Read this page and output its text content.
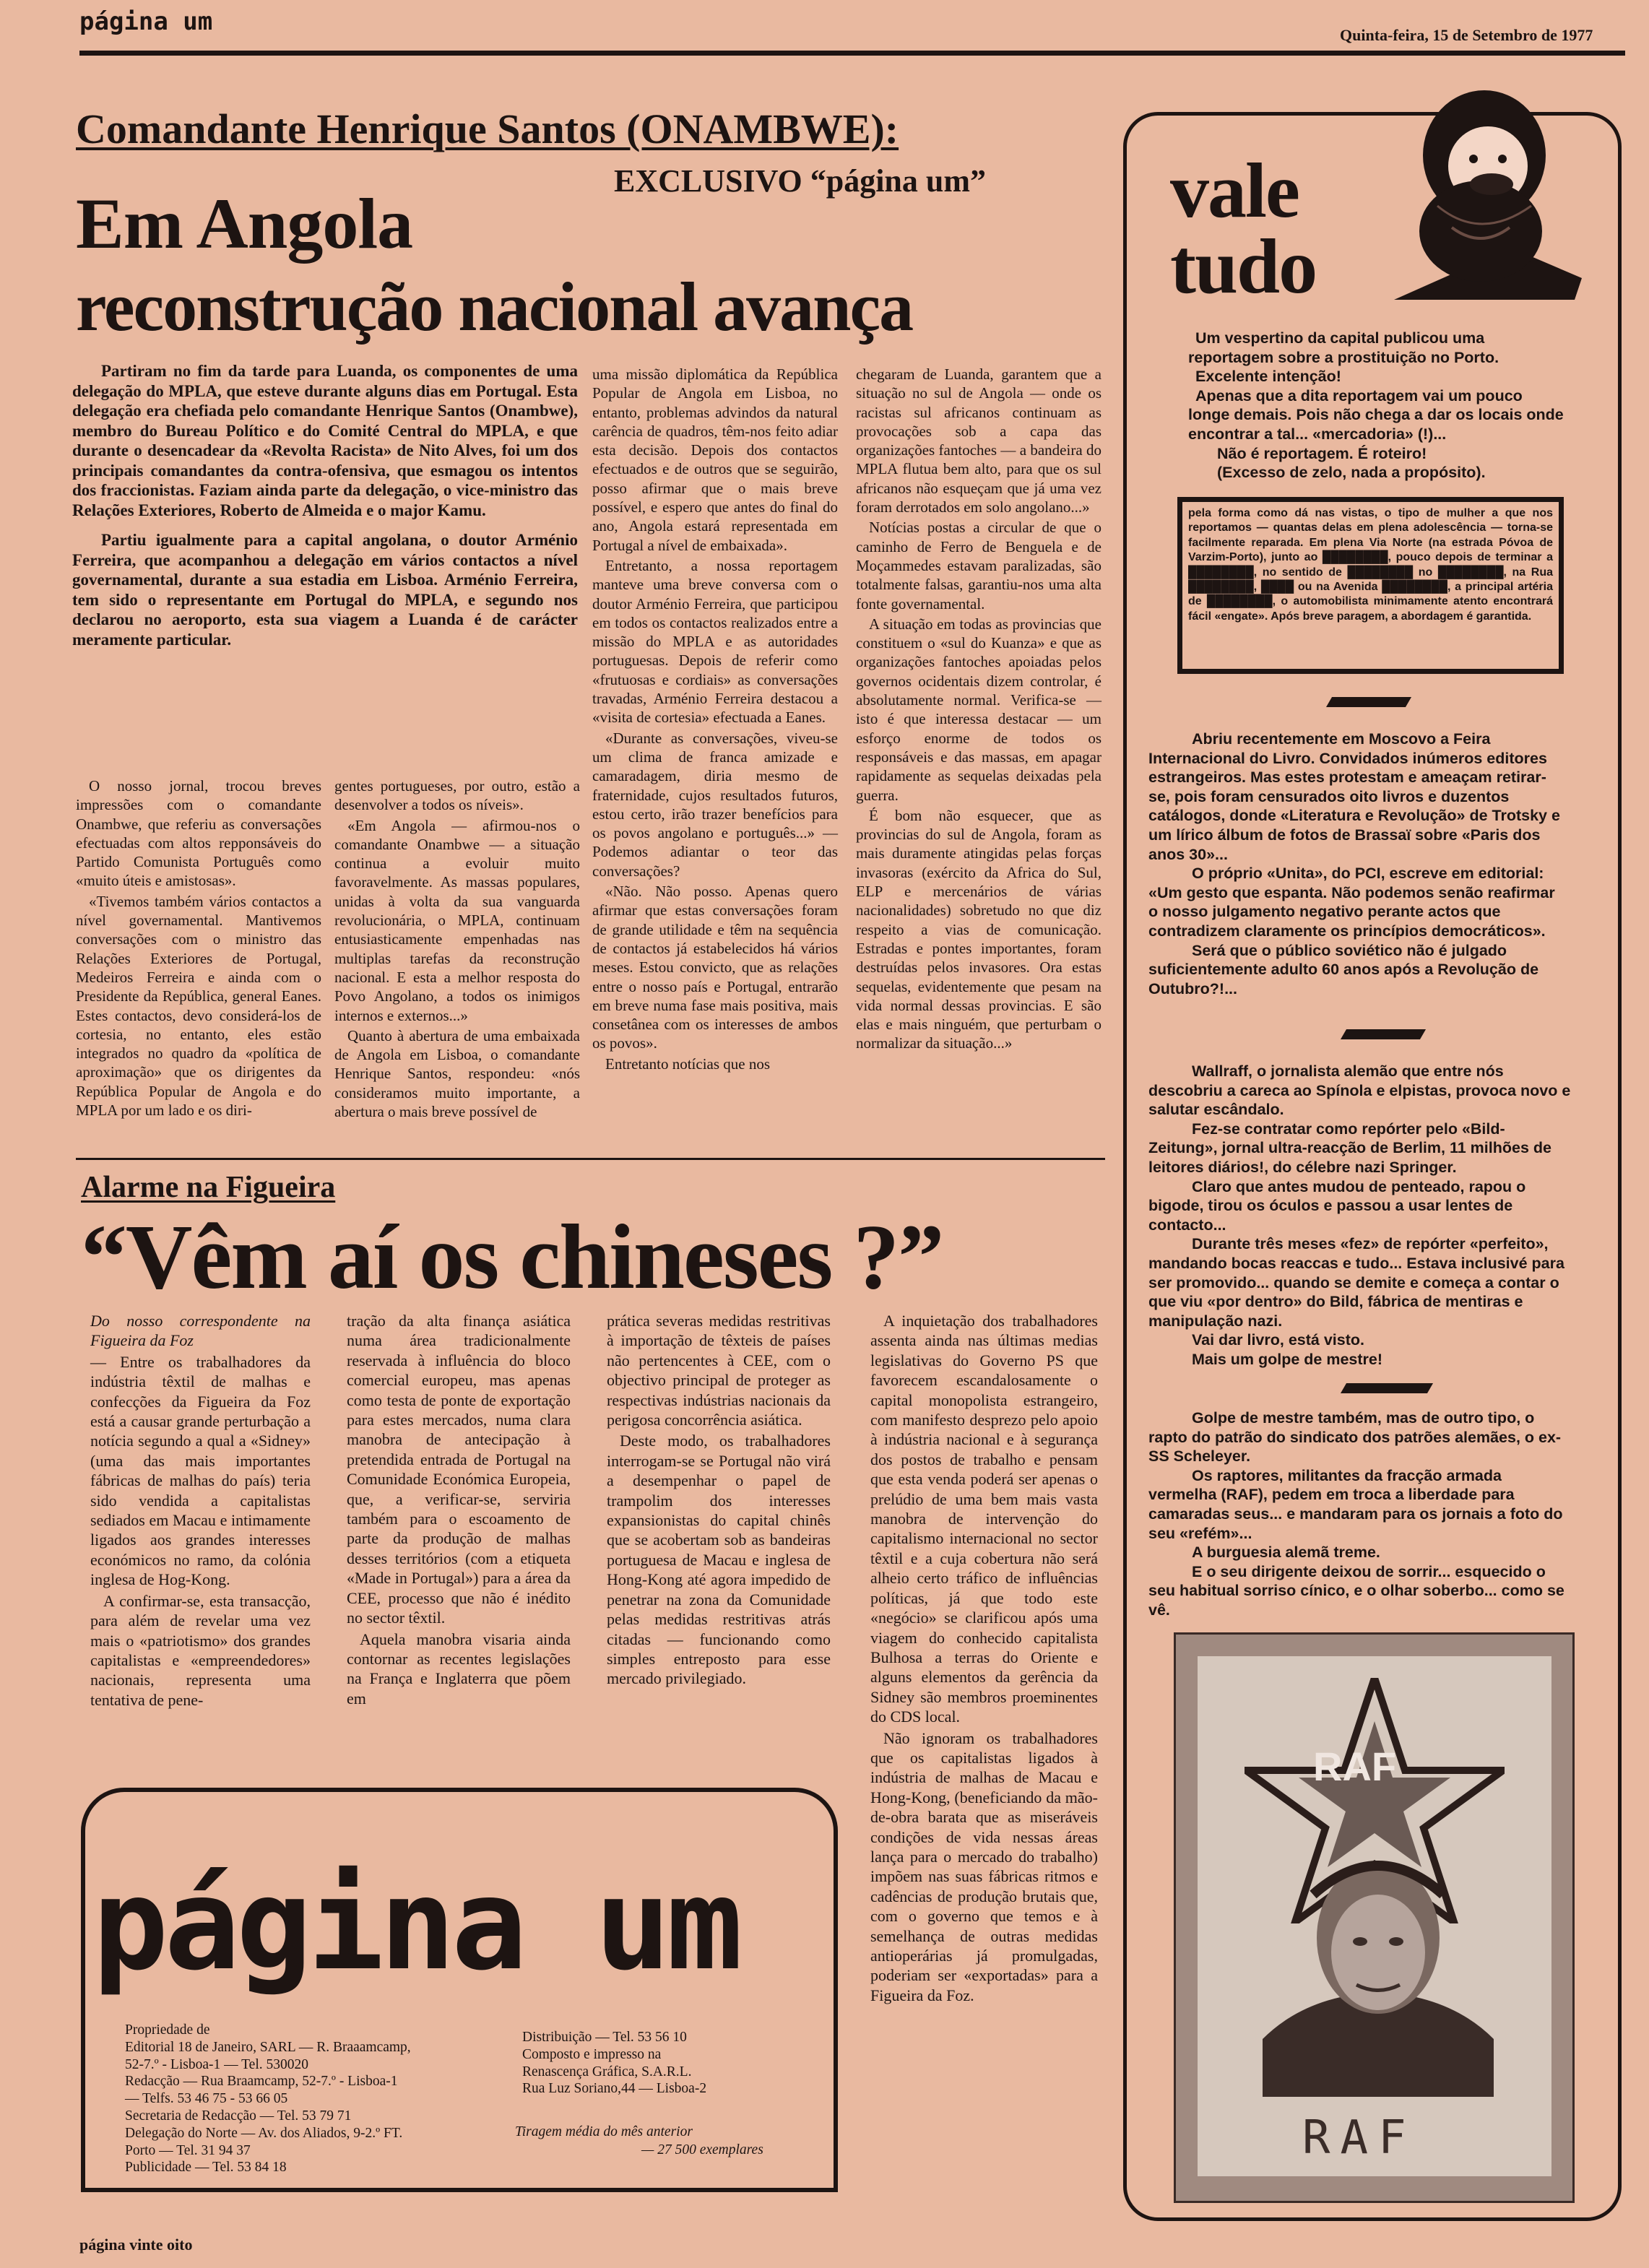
página um	Quinta-feira, 15 de Setembro de 1977
Comandante Henrique Santos (ONAMBWE):
EXCLUSIVO “página um”
Em Angola
reconstrução nacional avança

Partiram no fim da tarde para Luanda, os componentes de uma delegação do MPLA, que esteve durante alguns dias em Portugal. Esta delegação era chefiada pelo comandante Henrique Santos (Onambwe), membro do Bureau Político e do Comité Central do MPLA, e que durante o desencadear da «Revolta Racista» de Nito Alves, foi um dos principais comandantes da contra-ofensiva, que esmagou os intentos dos fraccionistas. Faziam ainda parte da delegação, o vice-ministro das Relações Exteriores, Roberto de Almeida e o major Kamu.

Partiu igualmente para a capital angolana, o doutor Arménio Ferreira, que acompanhou a delegação em vários contactos a nível governamental, durante a sua estadia em Lisboa. Arménio Ferreira, tem sido o representante em Portugal do MPLA, e segundo nos declarou no aeroporto, esta sua viagem a Luanda é de carácter meramente particular.

O nosso jornal, trocou breves impressões com o comandante Onambwe, que referiu as conversações efectuadas com altos repponsáveis do Partido Comunista Português como «muito úteis e amistosas».

«Tivemos também vários contactos a nível governamental. Mantivemos conversações com o ministro das Relações Exteriores de Portugal, Medeiros Ferreira e ainda com o Presidente da República, general Eanes. Estes contactos, devo considerá-los de cortesia, no entanto, eles estão integrados no quadro da «política de aproximação» que os dirigentes da República Popular de Angola e do MPLA por um lado e os diri-

gentes portugueses, por outro, estão a desenvolver a todos os níveis».

«Em Angola — afirmou-nos o comandante Onambwe — a situação continua a evoluir muito favoravelmente. As massas populares, unidas à volta da sua vanguarda revolucionária, o MPLA, continuam entusiasticamente empenhadas nas multiplas tarefas da reconstrução nacional. E esta a melhor resposta do Povo Angolano, a todos os inimigos internos e externos...»

Quanto à abertura de uma embaixada de Angola em Lisboa, o comandante Henrique Santos, respondeu: «nós consideramos muito importante, a abertura o mais breve possível de

uma missão diplomática da República Popular de Angola em Lisboa, no entanto, problemas advindos da natural carência de quadros, têm-nos feito adiar esta decisão. Depois dos contactos efectuados e de outros que se seguirão, posso afirmar que o mais breve possível, e espero que antes do final do ano, Angola estará representada em Portugal a nível de embaixada».

Entretanto, a nossa reportagem manteve uma breve conversa com o doutor Arménio Ferreira, que participou em todos os contactos realizados entre a missão do MPLA e as autoridades portuguesas. Depois de referir como «frutuosas e cordiais» as conversações travadas, Arménio Ferreira destacou a «visita de cortesia» efectuada a Eanes.

«Durante as conversações, viveu-se um clima de franca amizade e camaradagem, diria mesmo de fraternidade, cujos resultados futuros, estou certo, irão trazer benefícios para os povos angolano e português...» — Podemos adiantar o teor das conversações?

«Não. Não posso. Apenas quero afirmar que estas conversações foram de grande utilidade e têm na sequência de contactos já estabelecidos há vários meses. Estou convicto, que as relações entre o nosso país e Portugal, entrarão em breve numa fase mais positiva, mais consetânea com os interesses de ambos os povos».

Entretanto notícias que nos

chegaram de Luanda, garantem que a situação no sul de Angola — onde os racistas sul africanos continuam as provocações sob a capa das organizações fantoches — a bandeira do MPLA flutua bem alto, para que os sul africanos não esqueçam que já uma vez foram derrotados em solo angolano...»

Notícias postas a circular de que o caminho de Ferro de Benguela e de Moçammedes estavam paralizadas, são totalmente falsas, garantiu-nos uma alta fonte governamental.

A situação em todas as provincias que constituem o «sul do Kuanza» e que as organizações fantoches apoiadas pelos governos ocidentais dizem controlar, é absolutamente normal. Verifica-se — isto é que interessa destacar — um esforço enorme de todos os responsáveis e das massas, em apagar rapidamente as sequelas deixadas pela guerra.

É bom não esquecer, que as provincias do sul de Angola, foram as mais duramente atingidas pelas forças invasoras (exército da Africa do Sul, ELP e mercenários de várias nacionalidades) sobretudo no que diz respeito a vias de comunicação. Estradas e pontes importantes, foram destruídas pelos invasores. Ora estas sequelas, evidentemente que pesam na vida normal dessas provincias. E são elas e mais ninguém, que perturbam o normalizar da situação...»

Alarme na Figueira
“Vêm aí os chineses ?”

Do nosso correspondente na Figueira da Foz

— Entre os trabalhadores da indústria têxtil de malhas e confecções da Figueira da Foz está a causar grande perturbação a notícia segundo a qual a «Sidney» (uma das mais importantes fábricas de malhas do país) teria sido vendida a capitalistas sediados em Macau e intimamente ligados aos grandes interesses económicos no ramo, da colónia inglesa de Hog-Kong.

A confirmar-se, esta transacção, para além de revelar uma vez mais o «patriotismo» dos grandes capitalistas e «empreendedores» nacionais, representa uma tentativa de pene-

tração da alta finança asiática numa área tradicionalmente reservada à influência do bloco comercial europeu, mas apenas como testa de ponte de exportação para estes mercados, numa clara manobra de antecipação à pretendida entrada de Portugal na Comunidade Económica Europeia, que, a verificar-se, serviria também para o escoamento de parte da produção de malhas desses territórios (com a etiqueta «Made in Portugal») para a área da CEE, processo que não é inédito no sector têxtil.

Aquela manobra visaria ainda contornar as recentes legislações na França e Inglaterra que põem em

prática severas medidas restritivas à importação de têxteis de países não pertencentes à CEE, com o objectivo principal de proteger as respectivas indústrias nacionais da perigosa concorrência asiática.

Deste modo, os trabalhadores interrogam-se se Portugal não virá a desempenhar o papel de trampolim dos interesses expansionistas do capital chinês que se acobertam sob as bandeiras portuguesa de Macau e inglesa de Hong-Kong até agora impedido de penetrar na zona da Comunidade pelas medidas restritivas atrás citadas — funcionando como simples entreposto para esse mercado privilegiado.

A inquietação dos trabalhadores assenta ainda nas últimas medias legislativas do Governo PS que favorecem escandalosamente o capital monopolista estrangeiro, com manifesto desprezo pelo apoio à indústria nacional e à segurança dos postos de trabalho e pensam que esta venda poderá ser apenas o prelúdio de uma bem mais vasta manobra de intervenção do capitalismo internacional no sector têxtil e a cuja cobertura não será alheio certo tráfico de influências políticas, já que todo este «negócio» se clarificou após uma viagem do conhecido capitalista Bulhosa a terras do Oriente e alguns elementos da gerência da Sidney são membros proeminentes do CDS local.

Não ignoram os trabalhadores que os capitalistas ligados à indústria de malhas de Macau e Hong-Kong, (beneficiando da mão-de-obra barata que as miseráveis condições de vida nessas áreas lança para o mercado do trabalho) impõem nas suas fábricas ritmos e cadências de produção brutais que, com o governo que temos e à semelhança de outras medidas antioperárias já promulgadas, poderiam ser «exportadas» para a Figueira da Foz.

página um
Propriedade de
Editorial 18 de Janeiro, SARL — R. Braaamcamp,
52-7.º - Lisboa-1 — Tel. 530020
Redacção — Rua Braamcamp, 52-7.º - Lisboa-1
— Telfs. 53 46 75 - 53 66 05
Secretaria de Redacção — Tel. 53 79 71
Delegação do Norte — Av. dos Aliados, 9-2.º FT.
Porto — Tel. 31 94 37
Publicidade — Tel. 53 84 18
Distribuição — Tel. 53 56 10
Composto e impresso na
Renascença Gráfica, S.A.R.L.
Rua Luz Soriano,44 — Lisboa-2
Tiragem média do mês anterior
— 27 500 exemplares
vale
tudo

Um vespertino da capital publicou uma reportagem sobre a prostituição no Porto.

Excelente intenção!

Apenas que a dita reportagem vai um pouco longe demais. Pois não chega a dar os locais onde encontrar a tal... «mercadoria» (!)...

Não é reportagem. É roteiro!

(Excesso de zelo, nada a propósito).

pela forma como dá nas vistas, o tipo de mulher a que nos reportamos — quantas delas em plena adolescência — torna-se facilmente reparada. Em plena Via Norte (na estrada Póvoa de Varzim-Porto), junto ao ████████, pouco depois de terminar a ████████, no sentido de ████████ no ████████, na Rua ████████, ████ ou na Avenida ████████, a principal artéria de ████████, o automobilista minimamente atento encontrará fácil «engate». Após breve paragem, a abordagem é garantida.

Abriu recentemente em Moscovo a Feira Internacional do Livro. Convidados inúmeros editores estrangeiros. Mas estes protestam e ameaçam retirar-se, pois foram censurados oito livros e duzentos catálogos, donde «Literatura e Revolução» de Trotsky e um lírico álbum de fotos de Brassaï sobre «Paris dos anos 30»...

O próprio «Unita», do PCI, escreve em editorial: «Um gesto que espanta. Não podemos senão reafirmar o nosso julgamento negativo perante actos que contradizem claramente os princípios democráticos».

Será que o público soviético não é julgado suficientemente adulto 60 anos após a Revolução de Outubro?!...

Wallraff, o jornalista alemão que entre nós descobriu a careca ao Spínola e elpistas, provoca novo e salutar escândalo.

Fez-se contratar como repórter pelo «Bild-Zeitung», jornal ultra-reacção de Berlim, 11 milhões de leitores diários!, do célebre nazi Springer.

Claro que antes mudou de penteado, rapou o bigode, tirou os óculos e passou a usar lentes de contacto...

Durante três meses «fez» de repórter «perfeito», mandando bocas reaccas e tudo... Estava inclusivé para ser promovido... quando se demite e começa a contar o que viu «por dentro» do Bild, fábrica de mentiras e manipulação nazi.

Vai dar livro, está visto.

Mais um golpe de mestre!

Golpe de mestre também, mas de outro tipo, o rapto do patrão do sindicato dos patrões alemães, o ex-SS Scheleyer.

Os raptores, militantes da fracção armada vermelha (RAF), pedem em troca a liberdade para camaradas seus... e mandaram para os jornais a foto do seu «refém»...

A burguesia alemã treme.

E o seu dirigente deixou de sorrir... esquecido o seu habitual sorriso cínico, e o olhar soberbo... como se vê.

RAF
RAF
página vinte oito
